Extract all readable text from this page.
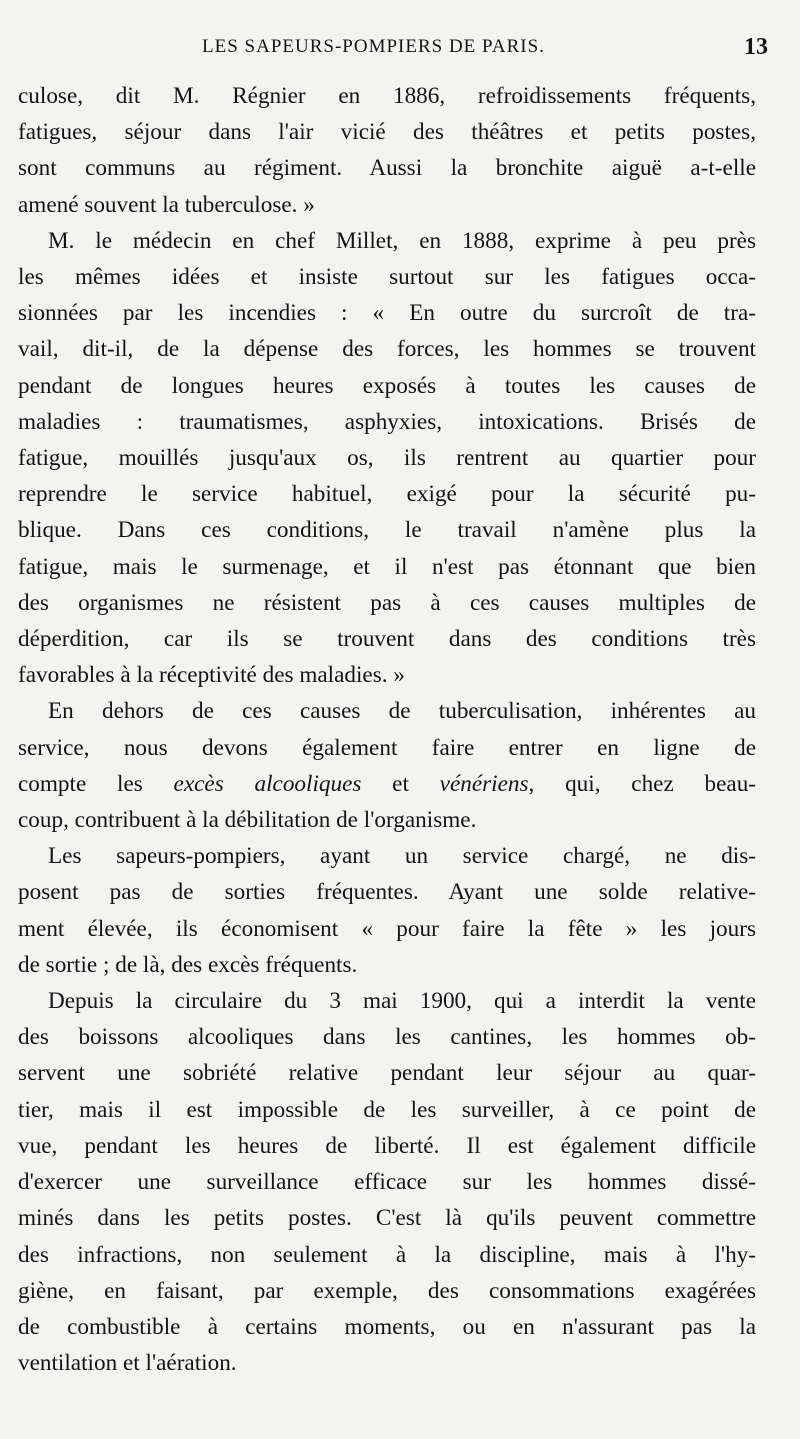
LES SAPEURS-POMPIERS DE PARIS.	13

culose, dit M. Régnier en 1886, refroidissements fréquents,
fatigues, séjour dans l'air vicié des théâtres et petits postes,
sont communs au régiment. Aussi la bronchite aiguë a-t-elle
amené souvent la tuberculose. »

M. le médecin en chef Millet, en 1888, exprime à peu près
les mêmes idées et insiste surtout sur les fatigues occa-
sionnées par les incendies : « En outre du surcroît de tra-
vail, dit-il, de la dépense des forces, les hommes se trouvent
pendant de longues heures exposés à toutes les causes de
maladies : traumatismes, asphyxies, intoxications. Brisés de
fatigue, mouillés jusqu'aux os, ils rentrent au quartier pour
reprendre le service habituel, exigé pour la sécurité pu-
blique. Dans ces conditions, le travail n'amène plus la
fatigue, mais le surmenage, et il n'est pas étonnant que bien
des organismes ne résistent pas à ces causes multiples de
déperdition, car ils se trouvent dans des conditions très
favorables à la réceptivité des maladies. »

En dehors de ces causes de tuberculisation, inhérentes au
service, nous devons également faire entrer en ligne de
compte les excès alcooliques et vénériens, qui, chez beau-
coup, contribuent à la débilitation de l'organisme.

Les sapeurs-pompiers, ayant un service chargé, ne dis-
posent pas de sorties fréquentes. Ayant une solde relative-
ment élevée, ils économisent « pour faire la fête » les jours
de sortie ; de là, des excès fréquents.

Depuis la circulaire du 3 mai 1900, qui a interdit la vente
des boissons alcooliques dans les cantines, les hommes ob-
servent une sobriété relative pendant leur séjour au quar-
tier, mais il est impossible de les surveiller, à ce point de
vue, pendant les heures de liberté. Il est également difficile
d'exercer une surveillance efficace sur les hommes dissé-
minés dans les petits postes. C'est là qu'ils peuvent commettre
des infractions, non seulement à la discipline, mais à l'hy-
giène, en faisant, par exemple, des consommations exagérées
de combustible à certains moments, ou en n'assurant pas la
ventilation et l'aération.
